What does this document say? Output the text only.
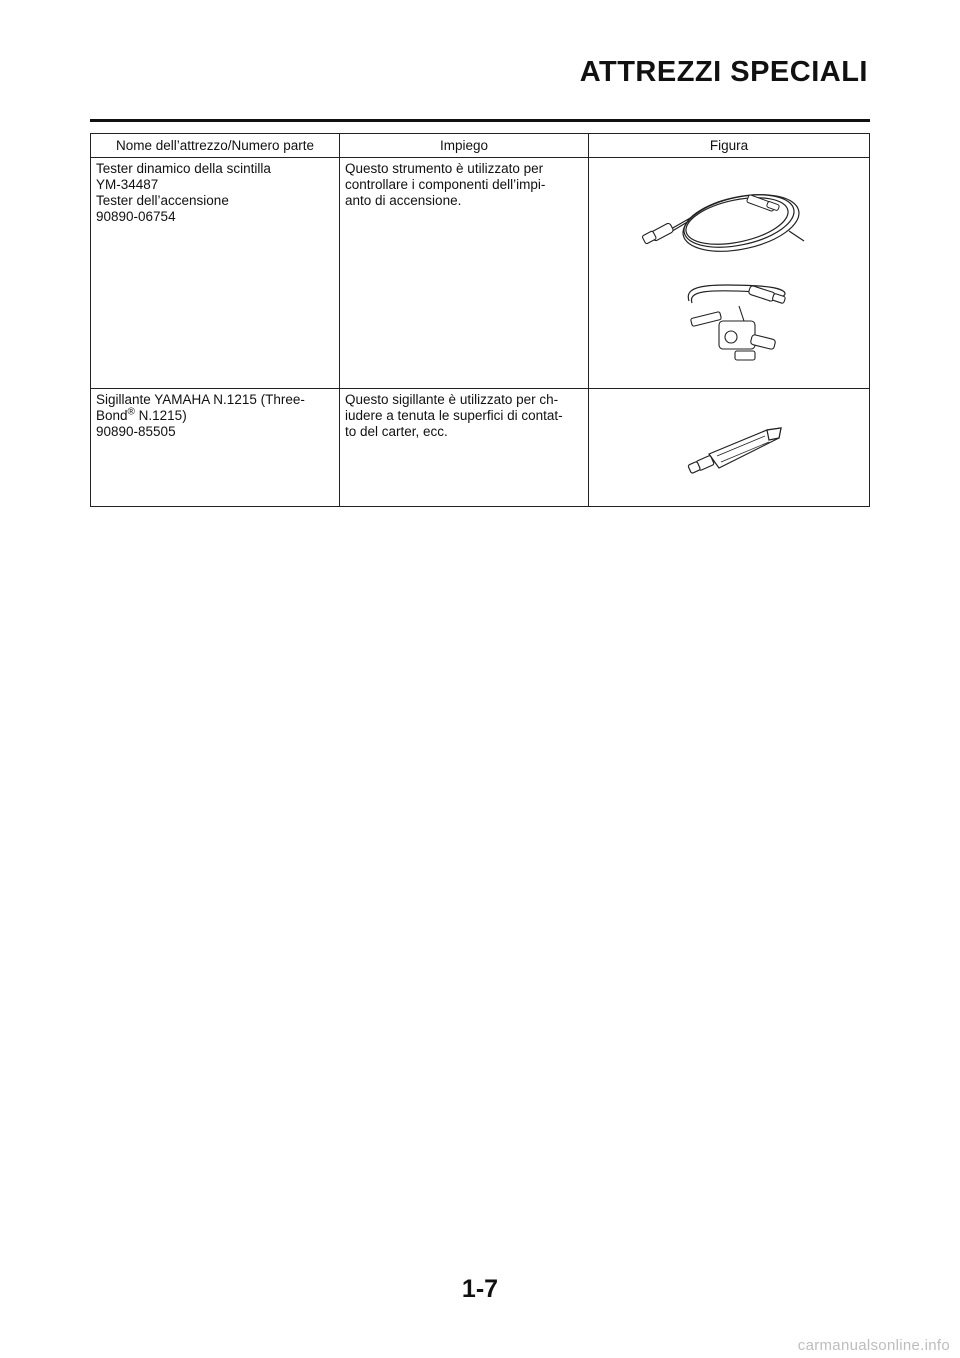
ATTREZZI SPECIALI
Nome dell’attrezzo/Numero parte	Impiego	Figura

Tester dinamico della scintilla
YM-34487
Tester dell’accensione
90890-06754	Questo strumento è utilizzato per
controllare i componenti dell’impi-
anto di accensione.

Sigillante YAMAHA N.1215 (Three-
Bond® N.1215)
90890-85505	Questo sigillante è utilizzato per ch-
iudere a tenuta le superfici di contat-
to del carter, ecc.

1-7
carmanualsonline.info
